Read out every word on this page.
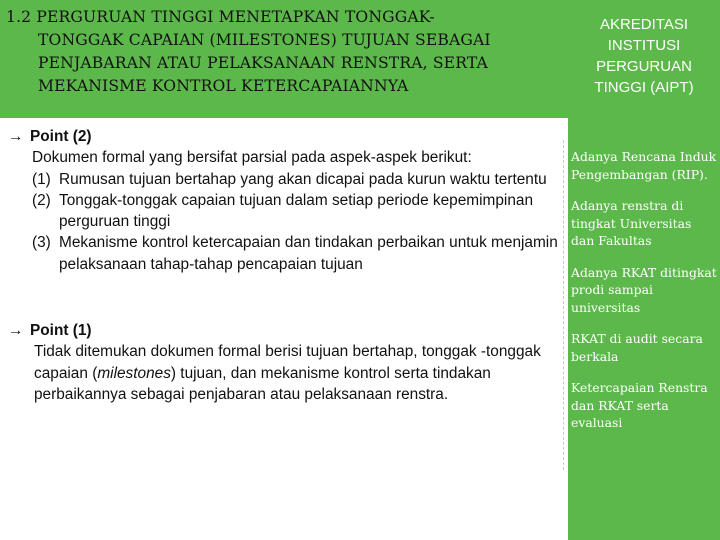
1.2 PERGURUAN TINGGI MENETAPKAN TONGGAK-
TONGGAK CAPAIAN (MILESTONES) TUJUAN SEBAGAI
PENJABARAN ATAU PELAKSANAAN RENSTRA, SERTA
MEKANISME KONTROL KETERCAPAIANNYA
AKREDITASI
INSTITUSI
PERGURUAN
TINGGI (AIPT)
Adanya Rencana Induk Pengembangan (RIP).
Adanya renstra di tingkat Universitas dan Fakultas
Adanya RKAT ditingkat prodi sampai universitas
RKAT di audit secara berkala
Ketercapaian Renstra dan RKAT serta evaluasi
→ Point (2)
Dokumen formal yang bersifat parsial pada aspek-aspek berikut:
(1) Rumusan tujuan bertahap yang akan dicapai pada kurun waktu tertentu
(2) Tonggak-tonggak capaian tujuan dalam setiap periode kepemimpinan perguruan tinggi
(3) Mekanisme kontrol ketercapaian dan tindakan perbaikan untuk menjamin pelaksanaan tahap-tahap pencapaian tujuan
→ Point (1)
Tidak ditemukan dokumen formal berisi tujuan bertahap, tonggak -tonggak capaian (milestones) tujuan, dan mekanisme kontrol serta tindakan perbaikannya sebagai penjabaran atau pelaksanaan renstra.
